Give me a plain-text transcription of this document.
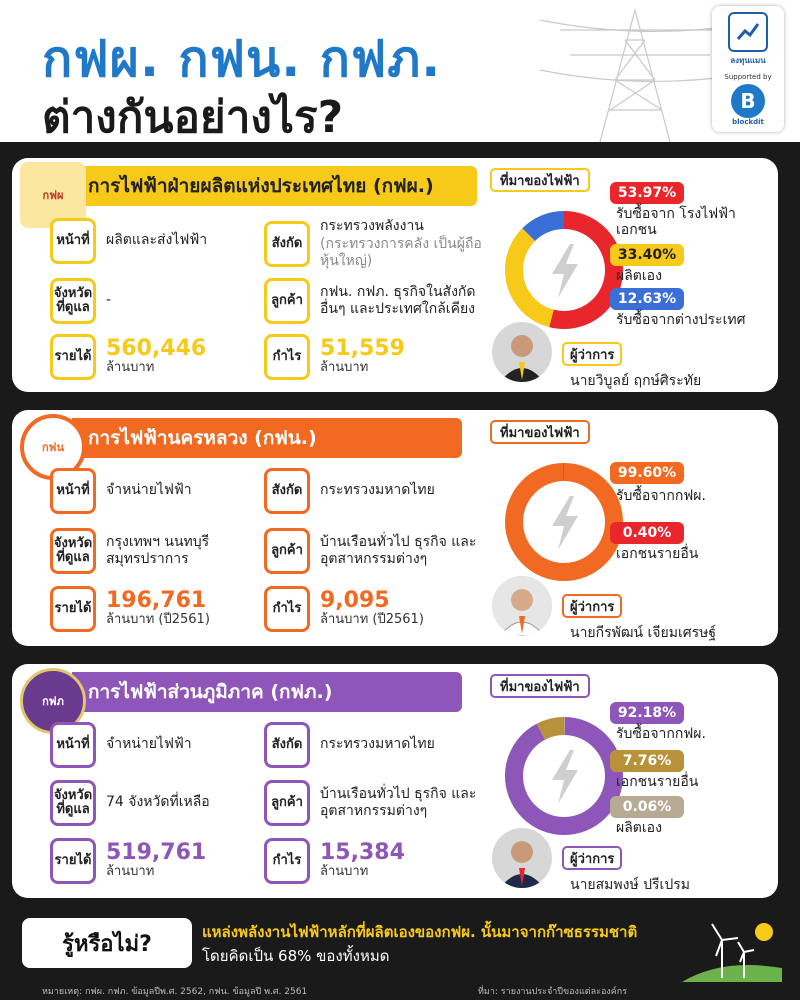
กฟผ. กฟน. กฟภ.
ต่างกันอย่างไร?
ลงทุนแมน
Supported by
B
blockdit
การไฟฟ้าฝ่ายผลิตแห่งประเทศไทย (กฟผ.)
กฟผ
หน้าที่	ผลิตและส่งไฟฟ้า	สังกัด
กระทรวงพลังงาน
(กระทรวงการคลัง เป็นผู้ถือหุ้นใหญ่)
จังหวัด
ที่ดูแล -	ลูกค้า
กฟน. กฟภ. ธุรกิจในสังกัดอื่นๆ และประเทศใกล้เคียง
รายได้ 560,446
ล้านบาท
กำไร 51,559
ล้านบาท
ที่มาของไฟฟ้า
53.97%
รับซื้อจาก โรงไฟฟ้าเอกชน
33.40%
ผลิตเอง
12.63%
รับซื้อจากต่างประเทศ
ผู้ว่าการ
นายวิบูลย์ ฤกษ์ศิระทัย
การไฟฟ้านครหลวง (กฟน.)
กฟน
หน้าที่	จำหน่ายไฟฟ้า	สังกัด	กระทรวงมหาดไทย
จังหวัด
ที่ดูแล
กรุงเทพฯ นนทบุรี สมุทรปราการ
ลูกค้า
บ้านเรือนทั่วไป ธุรกิจ และอุตสาหกรรมต่างๆ
รายได้ 196,761
ล้านบาท (ปี2561)
กำไร 9,095
ล้านบาท (ปี2561)
ที่มาของไฟฟ้า
99.60%
รับซื้อจากกฟผ.
0.40%
เอกชนรายอื่น
ผู้ว่าการ
นายกีรพัฒน์ เจียมเศรษฐ์
การไฟฟ้าส่วนภูมิภาค (กฟภ.)
กฟภ
หน้าที่	จำหน่ายไฟฟ้า	สังกัด	กระทรวงมหาดไทย
จังหวัด
ที่ดูแล 74 จังหวัดที่เหลือ	ลูกค้า
บ้านเรือนทั่วไป ธุรกิจ และอุตสาหกรรมต่างๆ
รายได้ 519,761
ล้านบาท
กำไร 15,384
ล้านบาท
ที่มาของไฟฟ้า
92.18%
รับซื้อจากกฟผ.
7.76%
เอกชนรายอื่น
0.06%
ผลิตเอง
ผู้ว่าการ
นายสมพงษ์ ปรีเปรม
รู้หรือไม่?	แหล่งพลังงานไฟฟ้าหลักที่ผลิตเองของกฟผ. นั้นมาจากก๊าซธรรมชาติ
โดยคิดเป็น 68% ของทั้งหมด
หมายเหตุ: กฟผ. กฟภ. ข้อมูลปีพ.ศ. 2562, กฟน. ข้อมูลปี พ.ศ. 2561	ที่มา: รายงานประจำปีของแต่ละองค์กร
